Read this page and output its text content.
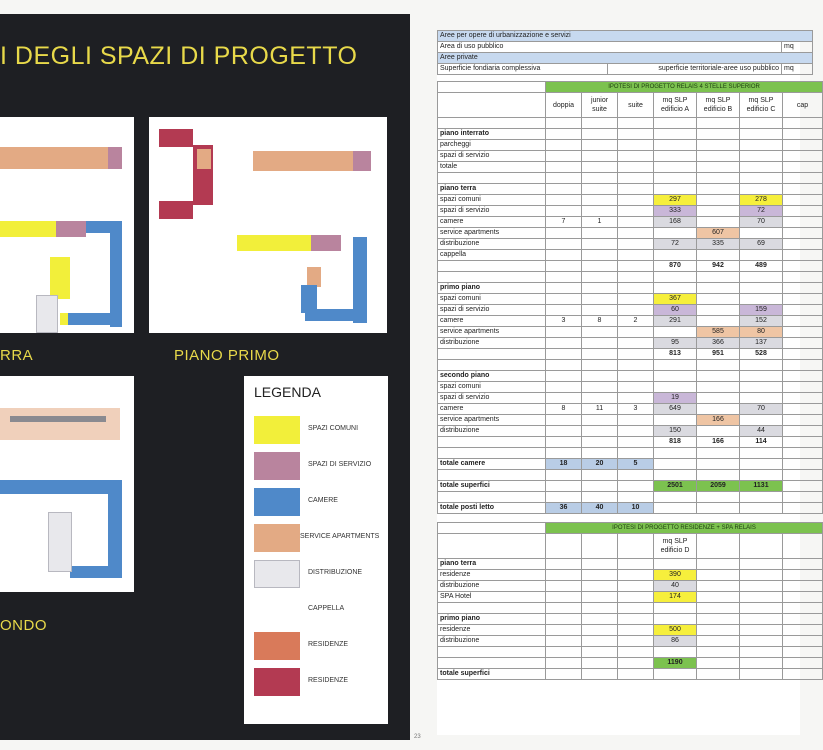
I DEGLI SPAZI DI PROGETTO
RRA	PIANO PRIMO
ONDO
LEGENDA
SPAZI COMUNI
SPAZI DI SERVIZIO
CAMERE
SERVICE APARTMENTS
DISTRIBUZIONE
CAPPELLA
RESIDENZE
RESIDENZE
23
Aree per opere di urbanizzazione e servizi		
Area di uso pubblico		mq
Aree private		
Superficie fondiaria complessiva	superficie territoriale-aree uso pubblico	mq
	IPOTESI DI PROGETTO RELAIS 4 STELLE SUPERIOR						
	doppia	junior suite	suite	mq SLP edificio A	mq SLP edificio B	mq SLP edificio C	cap

piano interrato							
parcheggi							
spazi di servizio							
totale							

piano terra							
spazi comuni				297		278	
spazi di servizio				333		72	
camere	7	1		168		70	
service apartments					607		
distribuzione				72	335	69	
cappella							
				870	942	489	

primo piano							
spazi comuni				367			
spazi di servizio				60		159	
camere	3	8	2	291		152	
service apartments					585	80	
distribuzione				95	366	137	
				813	951	528	

secondo piano							
spazi comuni							
spazi di servizio				19			
camere	8	11	3	649		70	
service apartments					166		
distribuzione				150		44	
				818	166	114	

totale camere	18	20	5				

totale superfici				2501	2059	1131	

totale posti letto	36	40	10				
	IPOTESI DI PROGETTO RESIDENZE + SPA RELAIS						
				mq SLP edificio D			
piano terra							
residenze				390			
distribuzione				40			
SPA Hotel				174			

primo piano							
residenze				500			
distribuzione				86			

				1190			
totale superfici							
